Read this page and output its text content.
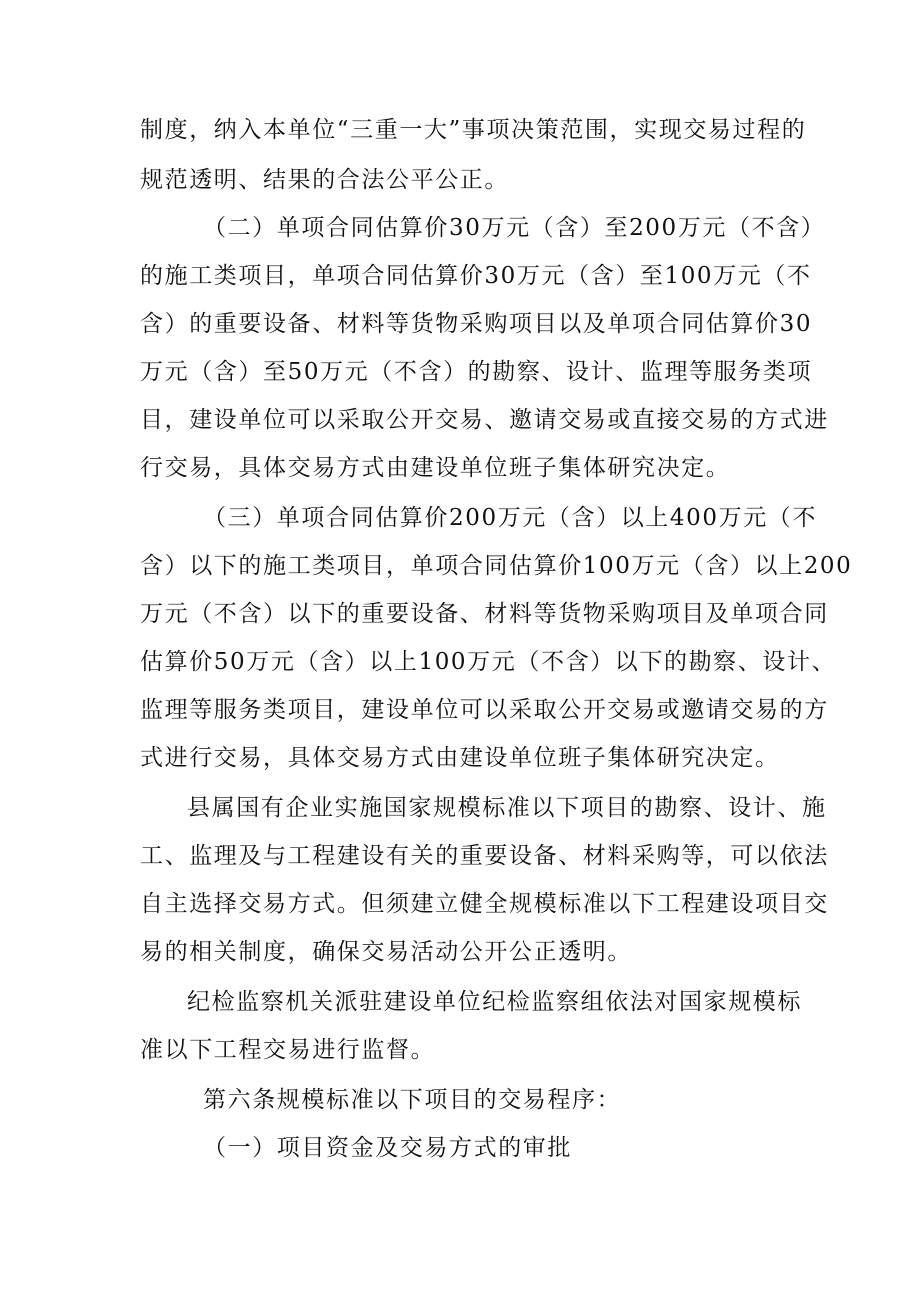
制度，纳入本单位“三重一大”事项决策范围，实现交易过程的
规范透明、结果的合法公平公正。
（二）单项合同估算价30万元（含）至200万元（不含）
的施工类项目，单项合同估算价30万元（含）至100万元（不
含）的重要设备、材料等货物采购项目以及单项合同估算价30
万元（含）至50万元（不含）的勘察、设计、监理等服务类项
目，建设单位可以采取公开交易、邀请交易或直接交易的方式进
行交易，具体交易方式由建设单位班子集体研究决定。
（三）单项合同估算价200万元（含）以上400万元（不
含）以下的施工类项目，单项合同估算价100万元（含）以上200
万元（不含）以下的重要设备、材料等货物采购项目及单项合同
估算价50万元（含）以上100万元（不含）以下的勘察、设计、
监理等服务类项目，建设单位可以采取公开交易或邀请交易的方
式进行交易，具体交易方式由建设单位班子集体研究决定。
县属国有企业实施国家规模标准以下项目的勘察、设计、施
工、监理及与工程建设有关的重要设备、材料采购等，可以依法
自主选择交易方式。但须建立健全规模标准以下工程建设项目交
易的相关制度，确保交易活动公开公正透明。
纪检监察机关派驻建设单位纪检监察组依法对国家规模标
准以下工程交易进行监督。
第六条规模标准以下项目的交易程序：
（一）项目资金及交易方式的审批
